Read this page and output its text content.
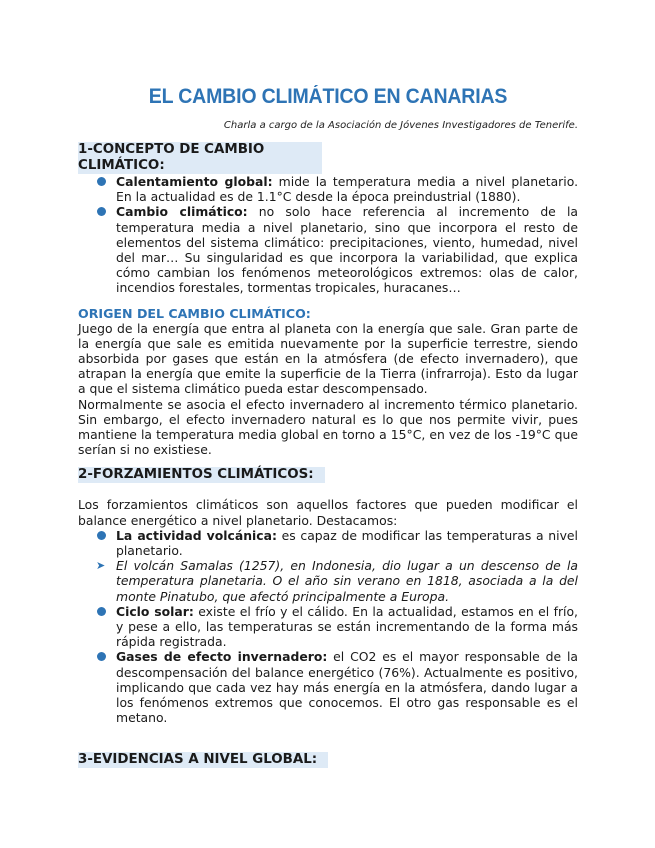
EL CAMBIO CLIMÁTICO EN CANARIAS
Charla a cargo de la Asociación de Jóvenes Investigadores de Tenerife.
1-CONCEPTO DE CAMBIO CLIMÁTICO:
Calentamiento global: mide la temperatura media a nivel planetario. En la actualidad es de 1.1°C desde la época preindustrial (1880).
Cambio climático: no solo hace referencia al incremento de la temperatura media a nivel planetario, sino que incorpora el resto de elementos del sistema climático: precipitaciones, viento, humedad, nivel del mar… Su singularidad es que incorpora la variabilidad, que explica cómo cambian los fenómenos meteorológicos extremos: olas de calor, incendios forestales, tormentas tropicales, huracanes…
ORIGEN DEL CAMBIO CLIMÁTICO:

Juego de la energía que entra al planeta con la energía que sale. Gran parte de la energía que sale es emitida nuevamente por la superficie terrestre, siendo absorbida por gases que están en la atmósfera (de efecto invernadero), que atrapan la energía que emite la superficie de la Tierra (infrarroja). Esto da lugar a que el sistema climático pueda estar descompensado.

Normalmente se asocia el efecto invernadero al incremento térmico planetario. Sin embargo, el efecto invernadero natural es lo que nos permite vivir, pues mantiene la temperatura media global en torno a 15°C, en vez de los -19°C que serían si no existiese.

2-FORZAMIENTOS CLIMÁTICOS:

Los forzamientos climáticos son aquellos factores que pueden modificar el balance energético a nivel planetario. Destacamos:

La actividad volcánica: es capaz de modificar las temperaturas a nivel planetario.
➤ El volcán Samalas (1257), en Indonesia, dio lugar a un descenso de la temperatura planetaria. O el año sin verano en 1818, asociada a la del monte Pinatubo, que afectó principalmente a Europa.
Ciclo solar: existe el frío y el cálido. En la actualidad, estamos en el frío, y pese a ello, las temperaturas se están incrementando de la forma más rápida registrada.
Gases de efecto invernadero: el CO2 es el mayor responsable de la descompensación del balance energético (76%). Actualmente es positivo, implicando que cada vez hay más energía en la atmósfera, dando lugar a los fenómenos extremos que conocemos. El otro gas responsable es el metano.
3-EVIDENCIAS A NIVEL GLOBAL:
